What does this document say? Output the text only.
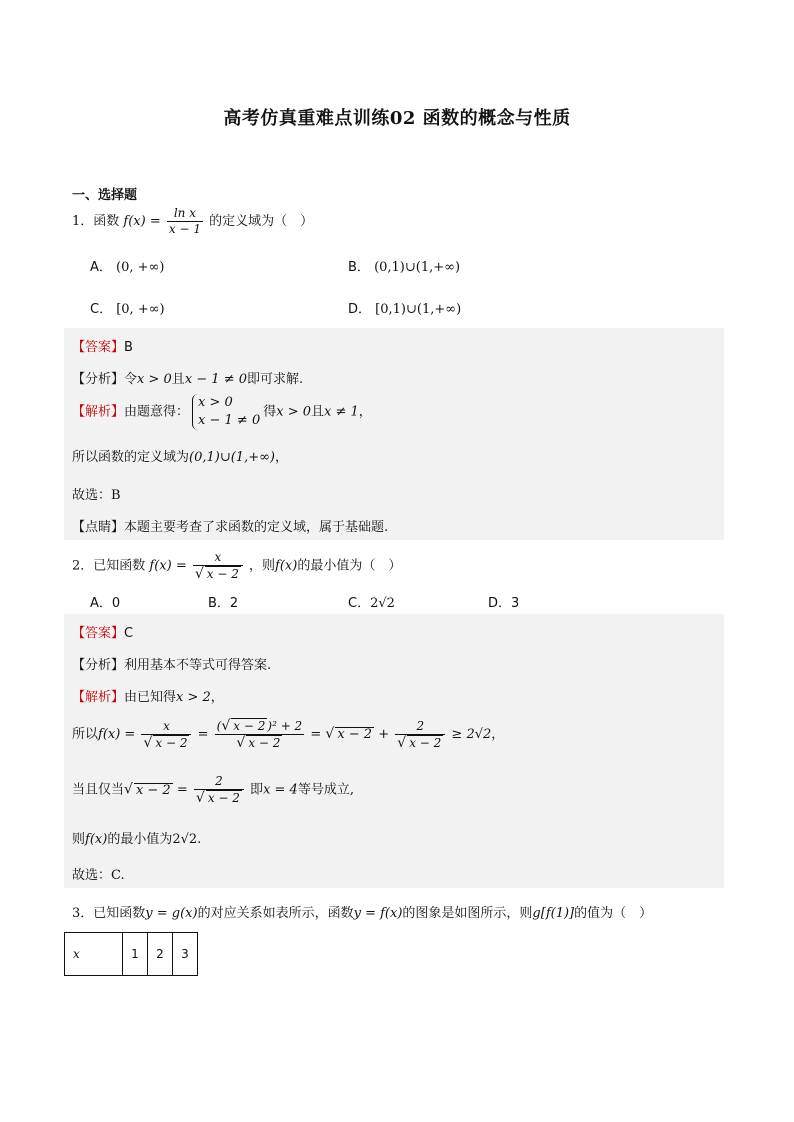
高考仿真重难点训练02 函数的概念与性质
一、选择题
1．函数 $f(x) = \frac{\text{ln x}}{x - 1}$ 的定义域为（　）
A． (0, +∞)	B． (0,1)∪(1,+∞)
C． [0, +∞)	D． [0,1)∪(1,+∞)
【答案】B
【分析】令x > 0且x − 1 ≠ 0即可求解.
【解析】由题意得：
x > 0
x − 1 ≠ 0
得x > 0且x ≠ 1，
所以函数的定义域为(0,1)∪(1,+∞)，
故选：B
【点睛】本题主要考查了求函数的定义域，属于基础题.
2．已知函数 $f(x) = \frac{x}{√ x - 2}$ ，则f(x)的最小值为（　）
A．0	B．2	C．2√2	D．3
【答案】C
【分析】利用基本不等式可得答案.
【解析】由已知得x > 2，
所以$f(x) = \frac{x}{√ x - 2} = \frac{\text{(√ x − 2 )² + 2}}{√ x - 2}$ = √ $x - 2 + \frac{2}{√ x - 2} \ge 2√2$，
当且仅当√ $x - 2 = \frac{2}{√ x - 2}$ 即x = 4等号成立,
则f(x)的最小值为2√2.
故选：C.
3．已知函数y = g(x)的对应关系如表所示，函数y = f(x)的图象是如图所示，则g[f(1)]的值为（　）
x	1	2	3
